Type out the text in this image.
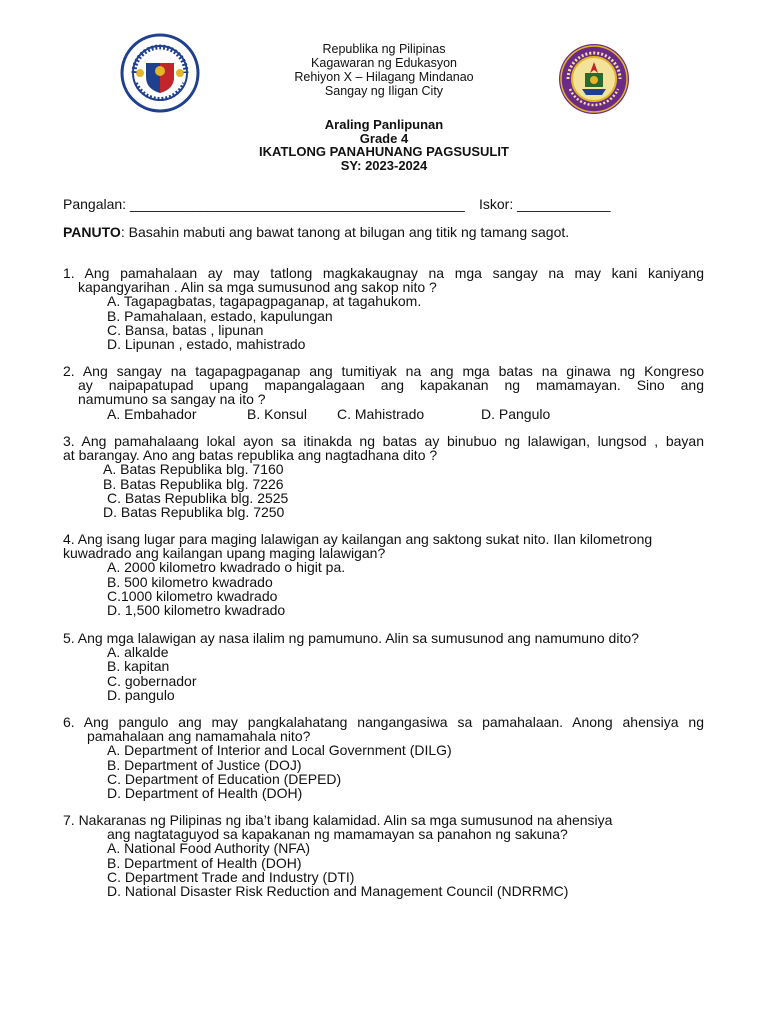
Republika ng Pilipinas
Kagawaran ng Edukasyon
Rehiyon X – Hilagang Mindanao
Sangay ng Iligan City
Araling Panlipunan
Grade 4
IKATLONG PANAHUNANG PAGSUSULIT
SY: 2023-2024
Pangalan: ___________________________________________ Iskor: ____________
PANUTO: Basahin mabuti ang bawat tanong at bilugan ang titik ng tamang sagot.
1. Ang pamahalaan ay may tatlong magkakaugnay na mga sangay na may kani kaniyang
kapangyarihan . Alin sa mga sumusunod ang sakop nito ?
A. Tagapagbatas, tagapagpaganap, at tagahukom.
B. Pamahalaan, estado, kapulungan
C. Bansa, batas , lipunan
D. Lipunan , estado, mahistrado
2. Ang sangay na tagapagpaganap ang tumitiyak na ang mga batas na ginawa ng Kongreso
ay naipapatupad upang mapangalagaan ang kapakanan ng mamamayan. Sino ang
namumuno sa sangay na ito ?
A. Embahador	B. Konsul	C. Mahistrado	D. Pangulo
3. Ang pamahalaang lokal ayon sa itinakda ng batas ay binubuo ng lalawigan, lungsod , bayan
at barangay. Ano ang batas republika ang nagtadhana dito ?
A. Batas Republika blg. 7160
B. Batas Republika blg. 7226
C. Batas Republika blg. 2525
D. Batas Republika blg. 7250
4. Ang isang lugar para maging lalawigan ay kailangan ang saktong sukat nito. Ilan kilometrong
kuwadrado ang kailangan upang maging lalawigan?
A. 2000 kilometro kwadrado o higit pa.
B. 500 kilometro kwadrado
C.1000 kilometro kwadrado
D. 1,500 kilometro kwadrado
5. Ang mga lalawigan ay nasa ilalim ng pamumuno. Alin sa sumusunod ang namumuno dito?
A. alkalde
B. kapitan
C. gobernador
D. pangulo
6. Ang pangulo ang may pangkalahatang nangangasiwa sa pamahalaan. Anong ahensiya ng
pamahalaan ang namamahala nito?
A. Department of Interior and Local Government (DILG)
B. Department of Justice (DOJ)
C. Department of Education (DEPED)
D. Department of Health (DOH)
7. Nakaranas ng Pilipinas ng iba’t ibang kalamidad. Alin sa mga sumusunod na ahensiya
ang nagtataguyod sa kapakanan ng mamamayan sa panahon ng sakuna?
A. National Food Authority (NFA)
B. Department of Health (DOH)
C. Department Trade and Industry (DTI)
D. National Disaster Risk Reduction and Management Council (NDRRMC)
